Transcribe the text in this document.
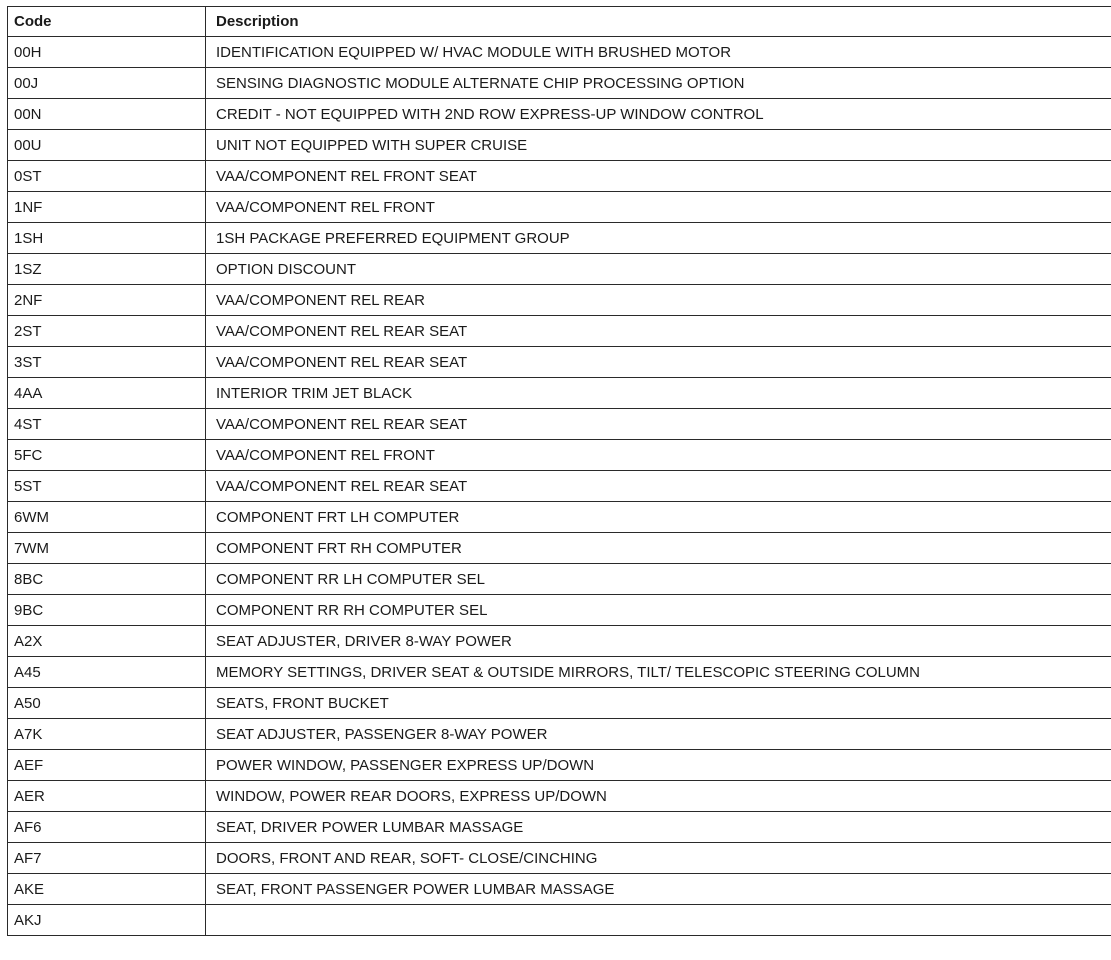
Code	Description
00H	IDENTIFICATION EQUIPPED W/ HVAC MODULE WITH BRUSHED MOTOR
00J	SENSING DIAGNOSTIC MODULE ALTERNATE CHIP PROCESSING OPTION
00N	CREDIT - NOT EQUIPPED WITH 2ND ROW EXPRESS-UP WINDOW CONTROL
00U	UNIT NOT EQUIPPED WITH SUPER CRUISE
0ST	VAA/COMPONENT REL FRONT SEAT
1NF	VAA/COMPONENT REL FRONT
1SH	1SH PACKAGE PREFERRED EQUIPMENT GROUP
1SZ	OPTION DISCOUNT
2NF	VAA/COMPONENT REL REAR
2ST	VAA/COMPONENT REL REAR SEAT
3ST	VAA/COMPONENT REL REAR SEAT
4AA	INTERIOR TRIM JET BLACK
4ST	VAA/COMPONENT REL REAR SEAT
5FC	VAA/COMPONENT REL FRONT
5ST	VAA/COMPONENT REL REAR SEAT
6WM	COMPONENT FRT LH COMPUTER
7WM	COMPONENT FRT RH COMPUTER
8BC	COMPONENT RR LH COMPUTER SEL
9BC	COMPONENT RR RH COMPUTER SEL
A2X	SEAT ADJUSTER, DRIVER 8-WAY POWER
A45	MEMORY SETTINGS, DRIVER SEAT & OUTSIDE MIRRORS, TILT/ TELESCOPIC STEERING COLUMN
A50	SEATS, FRONT BUCKET
A7K	SEAT ADJUSTER, PASSENGER 8-WAY POWER
AEF	POWER WINDOW, PASSENGER EXPRESS UP/DOWN
AER	WINDOW, POWER REAR DOORS, EXPRESS UP/DOWN
AF6	SEAT, DRIVER POWER LUMBAR MASSAGE
AF7	DOORS, FRONT AND REAR, SOFT- CLOSE/CINCHING
AKE	SEAT, FRONT PASSENGER POWER LUMBAR MASSAGE
AKJ	
